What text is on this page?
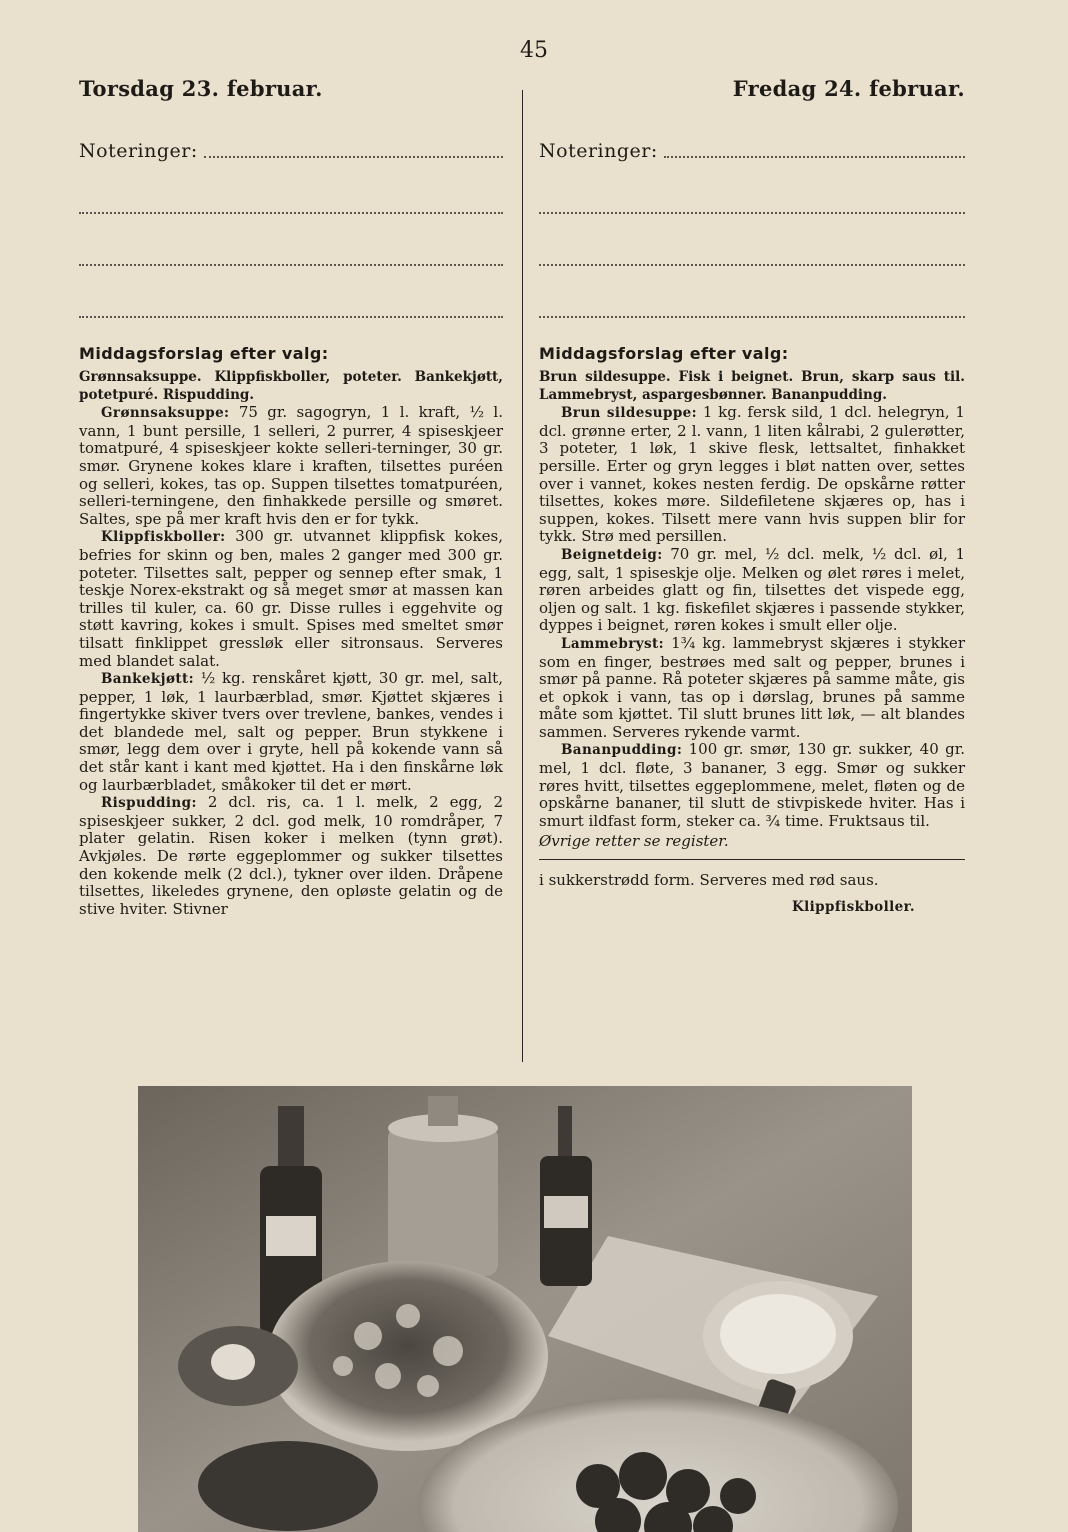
45
Torsdag 23. februar.
Noteringer:
Middagsforslag efter valg:
Grønnsaksuppe. Klippfiskboller, poteter. Bankekjøtt, potetpuré. Rispudding.

Grønnsaksuppe: 75 gr. sagogryn, 1 l. kraft, ½ l. vann, 1 bunt persille, 1 selleri, 2 purrer, 4 spiseskjeer tomatpuré, 4 spiseskjeer kokte selleri-terninger, 30 gr. smør. Grynene kokes klare i kraften, tilsettes puréen og selleri, kokes, tas op. Suppen tilsettes tomatpuréen, selleri-terningene, den finhakkede persille og smøret. Saltes, spe på mer kraft hvis den er for tykk.

Klippfiskboller: 300 gr. utvannet klippfisk kokes, befries for skinn og ben, males 2 ganger med 300 gr. poteter. Tilsettes salt, pepper og sennep efter smak, 1 teskje Norex-ekstrakt og så meget smør at massen kan trilles til kuler, ca. 60 gr. Disse rulles i eggehvite og støtt kavring, kokes i smult. Spises med smeltet smør tilsatt finklippet gressløk eller sitronsaus. Serveres med blandet salat.

Bankekjøtt: ½ kg. renskåret kjøtt, 30 gr. mel, salt, pepper, 1 løk, 1 laurbærblad, smør. Kjøttet skjæres i fingertykke skiver tvers over trevlene, bankes, vendes i det blandede mel, salt og pepper. Brun stykkene i smør, legg dem over i gryte, hell på kokende vann så det står kant i kant med kjøttet. Ha i den finskårne løk og laurbærbladet, småkoker til det er mørt.

Rispudding: 2 dcl. ris, ca. 1 l. melk, 2 egg, 2 spiseskjeer sukker, 2 dcl. god melk, 10 romdråper, 7 plater gelatin. Risen koker i melken (tynn grøt). Avkjøles. De rørte eggeplommer og sukker tilsettes den kokende melk (2 dcl.), tykner over ilden. Dråpene tilsettes, likeledes grynene, den opløste gelatin og de stive hviter. Stivner

Fredag 24. februar.
Noteringer:
Middagsforslag efter valg:
Brun sildesuppe. Fisk i beignet. Brun, skarp saus til. Lammebryst, aspargesbønner. Bananpudding.

Brun sildesuppe: 1 kg. fersk sild, 1 dcl. helegryn, 1 dcl. grønne erter, 2 l. vann, 1 liten kålrabi, 2 gulerøtter, 3 poteter, 1 løk, 1 skive flesk, lettsaltet, finhakket persille. Erter og gryn legges i bløt natten over, settes over i vannet, kokes nesten ferdig. De opskårne røtter tilsettes, kokes møre. Sildefiletene skjæres op, has i suppen, kokes. Tilsett mere vann hvis suppen blir for tykk. Strø med persillen.

Beignetdeig: 70 gr. mel, ½ dcl. melk, ½ dcl. øl, 1 egg, salt, 1 spiseskje olje. Melken og ølet røres i melet, røren arbeides glatt og fin, tilsettes det vispede egg, oljen og salt. 1 kg. fiskefilet skjæres i passende stykker, dyppes i beignet, røren kokes i smult eller olje.

Lammebryst: 1¾ kg. lammebryst skjæres i stykker som en finger, bestrøes med salt og pepper, brunes i smør på panne. Rå poteter skjæres på samme måte, gis et opkok i vann, tas op i dørslag, brunes på samme måte som kjøttet. Til slutt brunes litt løk, — alt blandes sammen. Serveres rykende varmt.

Bananpudding: 100 gr. smør, 130 gr. sukker, 40 gr. mel, 1 dcl. fløte, 3 bananer, 3 egg. Smør og sukker røres hvitt, tilsettes eggeplommene, melet, fløten og de opskårne bananer, til slutt de stivpiskede hviter. Has i smurt ildfast form, steker ca. ¾ time. Fruktsaus til.

Øvrige retter se register.
i sukkerstrødd form. Serveres med rød saus.
Klippfiskboller.
